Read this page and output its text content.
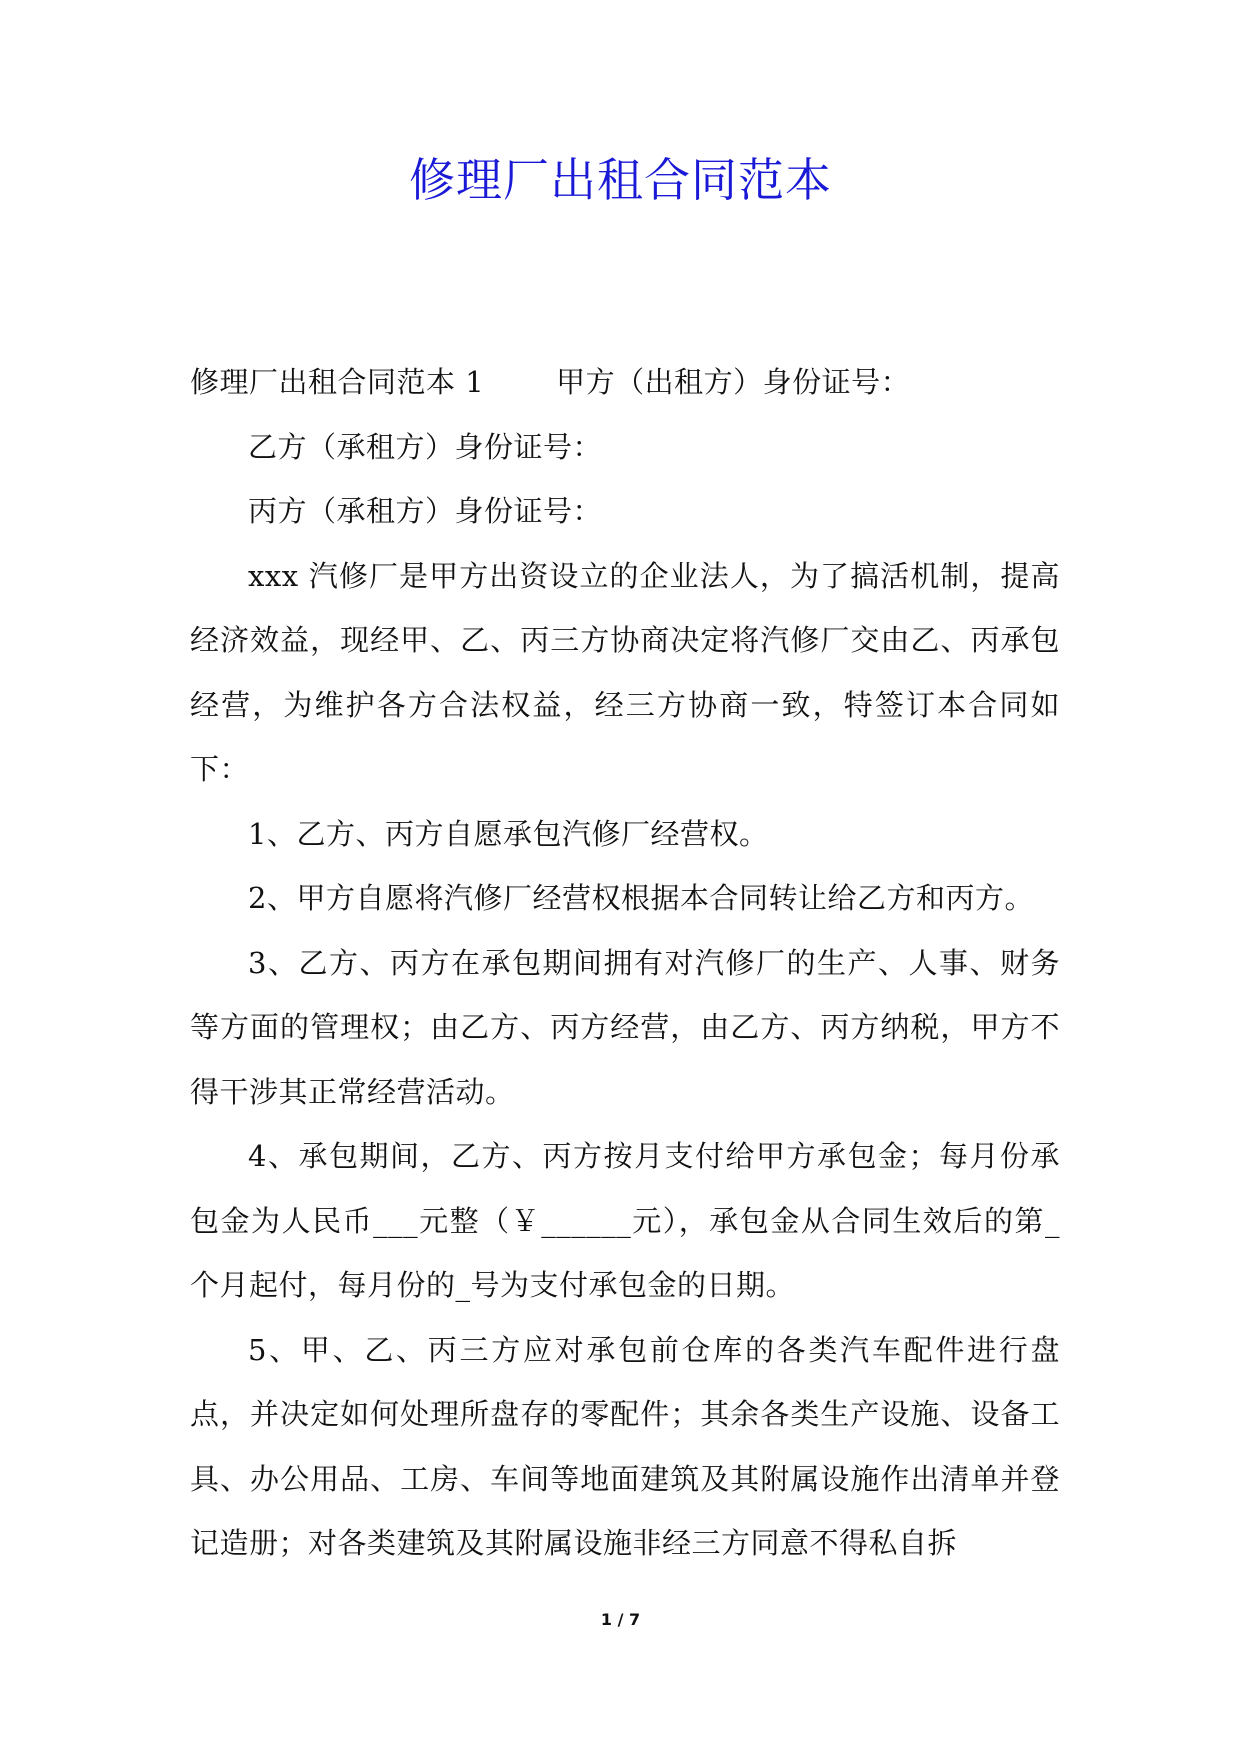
修理厂出租合同范本

修理厂出租合同范本 1 甲方（出租方）身份证号：

乙方（承租方）身份证号：

丙方（承租方）身份证号：

xxx 汽修厂是甲方出资设立的企业法人，为了搞活机制，提高经济效益，现经甲、乙、丙三方协商决定将汽修厂交由乙、丙承包经营，为维护各方合法权益，经三方协商一致，特签订本合同如下：

1、乙方、丙方自愿承包汽修厂经营权。

2、甲方自愿将汽修厂经营权根据本合同转让给乙方和丙方。

3、乙方、丙方在承包期间拥有对汽修厂的生产、人事、财务等方面的管理权；由乙方、丙方经营，由乙方、丙方纳税，甲方不得干涉其正常经营活动。

4、承包期间，乙方、丙方按月支付给甲方承包金；每月份承包金为人民币___元整（￥______元），承包金从合同生效后的第_个月起付，每月份的_号为支付承包金的日期。

5、甲、乙、丙三方应对承包前仓库的各类汽车配件进行盘点，并决定如何处理所盘存的零配件；其余各类生产设施、设备工具、办公用品、工房、车间等地面建筑及其附属设施作出清单并登记造册；对各类建筑及其附属设施非经三方同意不得私自拆

1 / 7
